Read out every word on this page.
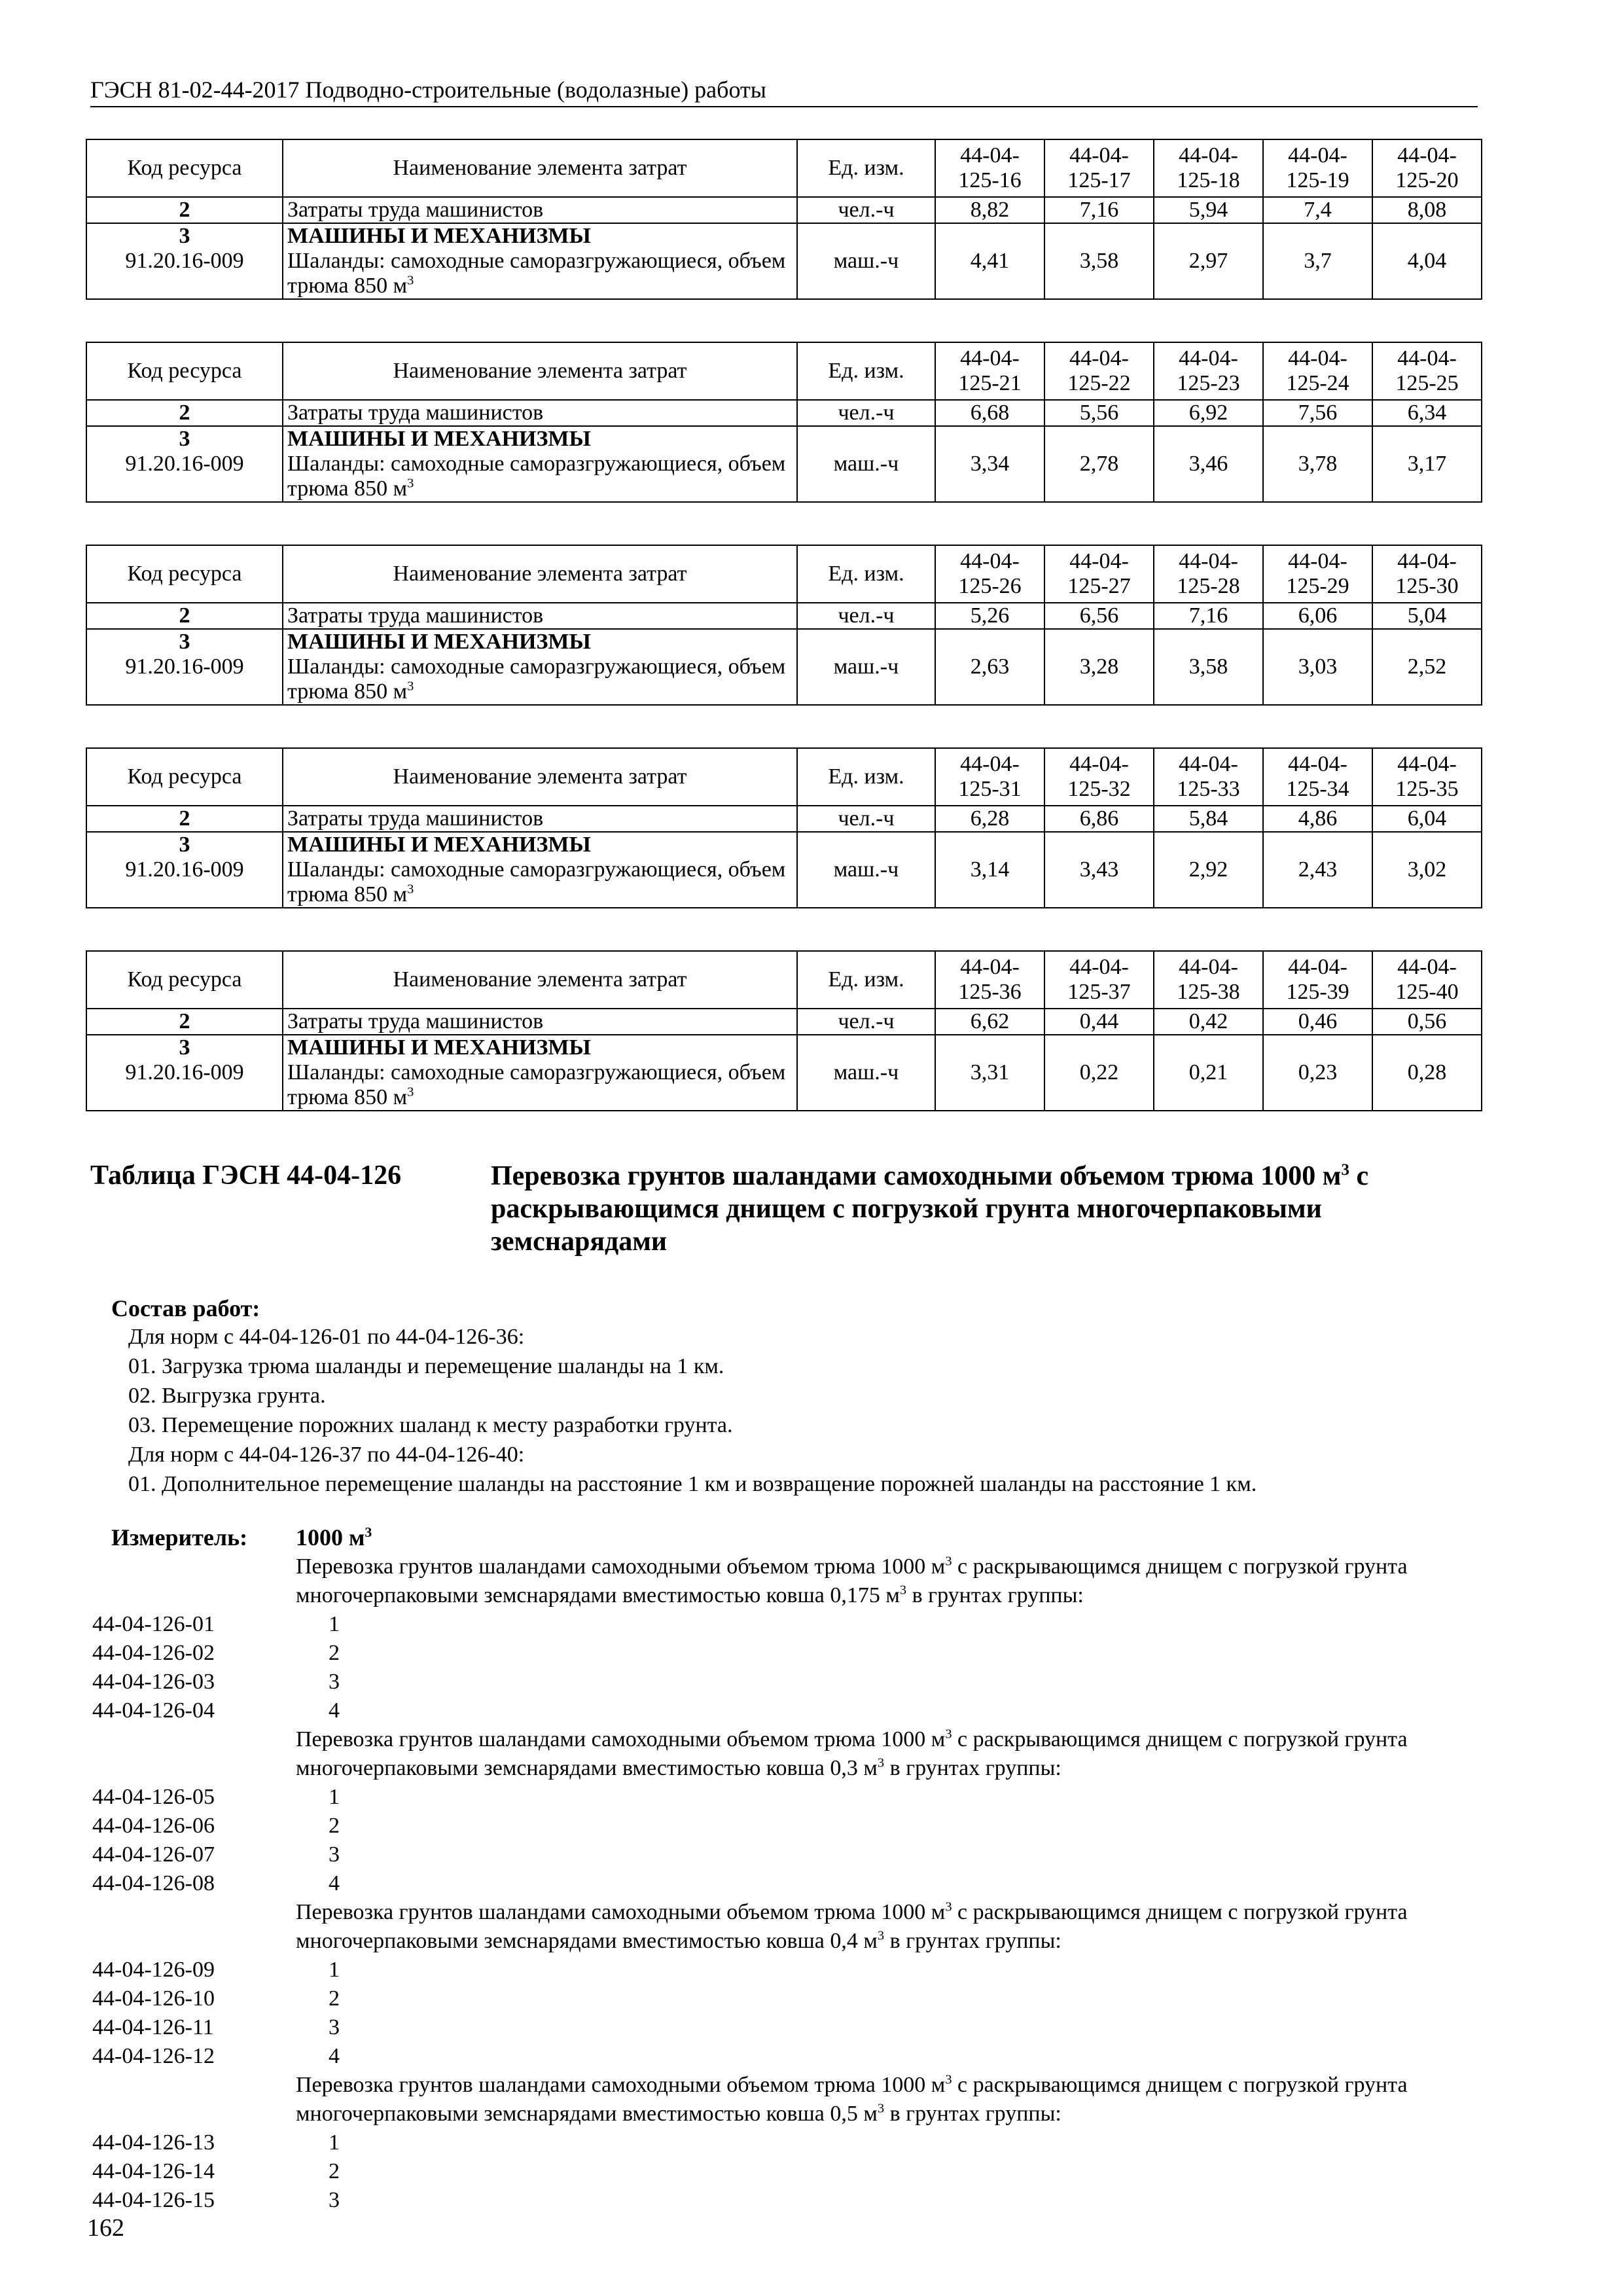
ГЭСН 81-02-44-2017 Подводно-строительные (водолазные) работы
Код ресурса	Наименование элемента затрат	Ед. изм.	44-04-
125-16	44-04-
125-17	44-04-
125-18	44-04-
125-19	44-04-
125-20
2	Затраты труда машинистов	чел.-ч	8,82	7,16	5,94	7,4	8,08

3
91.20.16-009	МАШИНЫ И МЕХАНИЗМЫ
Шаланды: самоходные саморазгружающиеся, объем трюма 850 $м^3$	маш.-ч	4,41	3,58	2,97	3,7	4,04
Код ресурса	Наименование элемента затрат	Ед. изм.	44-04-
125-21	44-04-
125-22	44-04-
125-23	44-04-
125-24	44-04-
125-25
2	Затраты труда машинистов	чел.-ч	6,68	5,56	6,92	7,56	6,34

3
91.20.16-009	МАШИНЫ И МЕХАНИЗМЫ
Шаланды: самоходные саморазгружающиеся, объем трюма 850 $м^3$	маш.-ч	3,34	2,78	3,46	3,78	3,17
Код ресурса	Наименование элемента затрат	Ед. изм.	44-04-
125-26	44-04-
125-27	44-04-
125-28	44-04-
125-29	44-04-
125-30
2	Затраты труда машинистов	чел.-ч	5,26	6,56	7,16	6,06	5,04

3
91.20.16-009	МАШИНЫ И МЕХАНИЗМЫ
Шаланды: самоходные саморазгружающиеся, объем трюма 850 $м^3$	маш.-ч	2,63	3,28	3,58	3,03	2,52
Код ресурса	Наименование элемента затрат	Ед. изм.	44-04-
125-31	44-04-
125-32	44-04-
125-33	44-04-
125-34	44-04-
125-35
2	Затраты труда машинистов	чел.-ч	6,28	6,86	5,84	4,86	6,04

3
91.20.16-009	МАШИНЫ И МЕХАНИЗМЫ
Шаланды: самоходные саморазгружающиеся, объем трюма 850 $м^3$	маш.-ч	3,14	3,43	2,92	2,43	3,02
Код ресурса	Наименование элемента затрат	Ед. изм.	44-04-
125-36	44-04-
125-37	44-04-
125-38	44-04-
125-39	44-04-
125-40
2	Затраты труда машинистов	чел.-ч	6,62	0,44	0,42	0,46	0,56

3
91.20.16-009	МАШИНЫ И МЕХАНИЗМЫ
Шаланды: самоходные саморазгружающиеся, объем трюма 850 $м^3$	маш.-ч	3,31	0,22	0,21	0,23	0,28
Таблица ГЭСН 44-04-126	Перевозка грунтов шаландами самоходными объемом трюма 1000 $м^3$ с раскрывающимся днищем с погрузкой грунта многочерпаковыми земснарядами
Состав работ:
Для норм с 44-04-126-01 по 44-04-126-36:
01. Загрузка трюма шаланды и перемещение шаланды на 1 км.
02. Выгрузка грунта.
03. Перемещение порожних шаланд к месту разработки грунта.
Для норм с 44-04-126-37 по 44-04-126-40:
01. Дополнительное перемещение шаланды на расстояние 1 км и возвращение порожней шаланды на расстояние 1 км.
Измеритель: 1000 $м^3$
Перевозка грунтов шаландами самоходными объемом трюма 1000 $м^3$ с раскрывающимся днищем с погрузкой грунта многочерпаковыми земснарядами вместимостью ковша 0,175 $м^3$ в грунтах группы:
44-04-126-01	1
44-04-126-02	2
44-04-126-03	3
44-04-126-04	4
Перевозка грунтов шаландами самоходными объемом трюма 1000 $м^3$ с раскрывающимся днищем с погрузкой грунта многочерпаковыми земснарядами вместимостью ковша 0,3 $м^3$ в грунтах группы:
44-04-126-05	1
44-04-126-06	2
44-04-126-07	3
44-04-126-08	4
Перевозка грунтов шаландами самоходными объемом трюма 1000 $м^3$ с раскрывающимся днищем с погрузкой грунта многочерпаковыми земснарядами вместимостью ковша 0,4 $м^3$ в грунтах группы:
44-04-126-09	1
44-04-126-10	2
44-04-126-11	3
44-04-126-12	4
Перевозка грунтов шаландами самоходными объемом трюма 1000 $м^3$ с раскрывающимся днищем с погрузкой грунта многочерпаковыми земснарядами вместимостью ковша 0,5 $м^3$ в грунтах группы:
44-04-126-13	1
44-04-126-14	2
44-04-126-15	3
162
